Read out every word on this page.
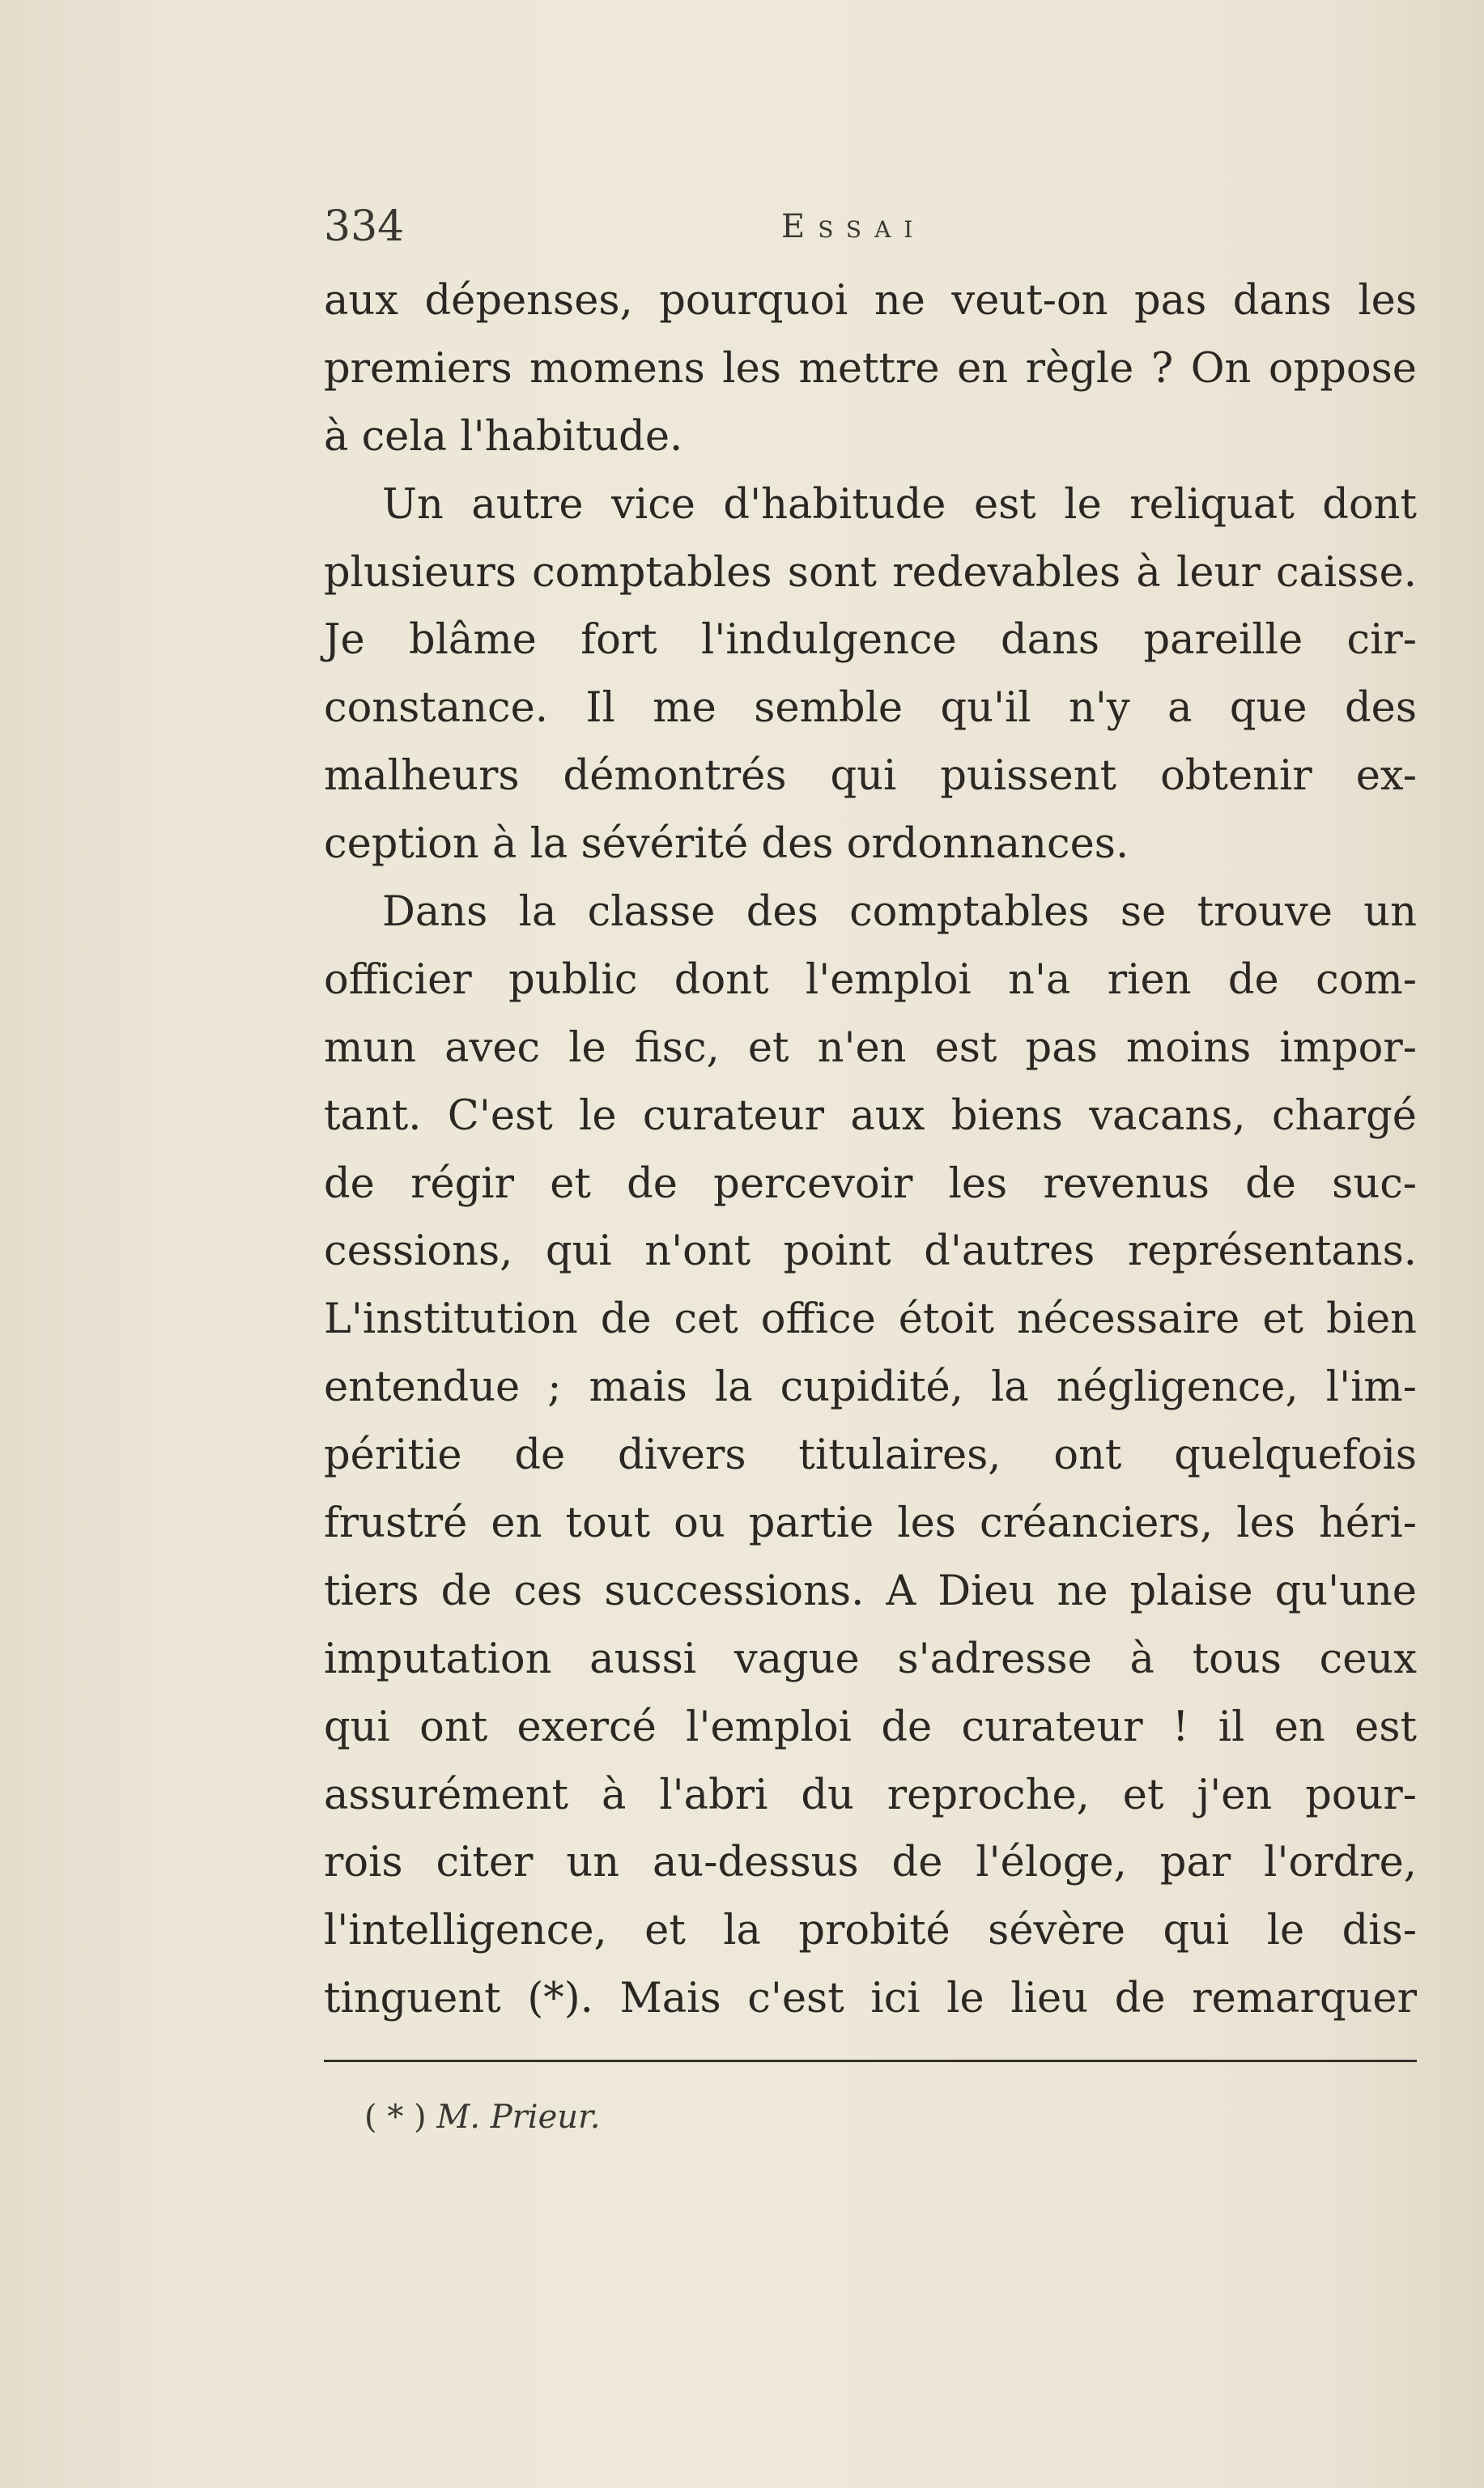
334	Essai
aux dépenses, pourquoi ne veut-on pas dans les
premiers momens les mettre en règle ? On oppose
à cela l'habitude.
Un autre vice d'habitude est le reliquat dont
plusieurs comptables sont redevables à leur caisse.
Je blâme fort l'indulgence dans pareille cir-
constance. Il me semble qu'il n'y a que des
malheurs démontrés qui puissent obtenir ex-
ception à la sévérité des ordonnances.
Dans la classe des comptables se trouve un
officier public dont l'emploi n'a rien de com-
mun avec le fisc, et n'en est pas moins impor-
tant. C'est le curateur aux biens vacans, chargé
de régir et de percevoir les revenus de suc-
cessions, qui n'ont point d'autres représentans.
L'institution de cet office étoit nécessaire et bien
entendue ; mais la cupidité, la négligence, l'im-
péritie de divers titulaires, ont quelquefois
frustré en tout ou partie les créanciers, les héri-
tiers de ces successions. A Dieu ne plaise qu'une
imputation aussi vague s'adresse à tous ceux
qui ont exercé l'emploi de curateur ! il en est
assurément à l'abri du reproche, et j'en pour-
rois citer un au-dessus de l'éloge, par l'ordre,
l'intelligence, et la probité sévère qui le dis-
tinguent (*). Mais c'est ici le lieu de remarquer
( * ) M. Prieur.
